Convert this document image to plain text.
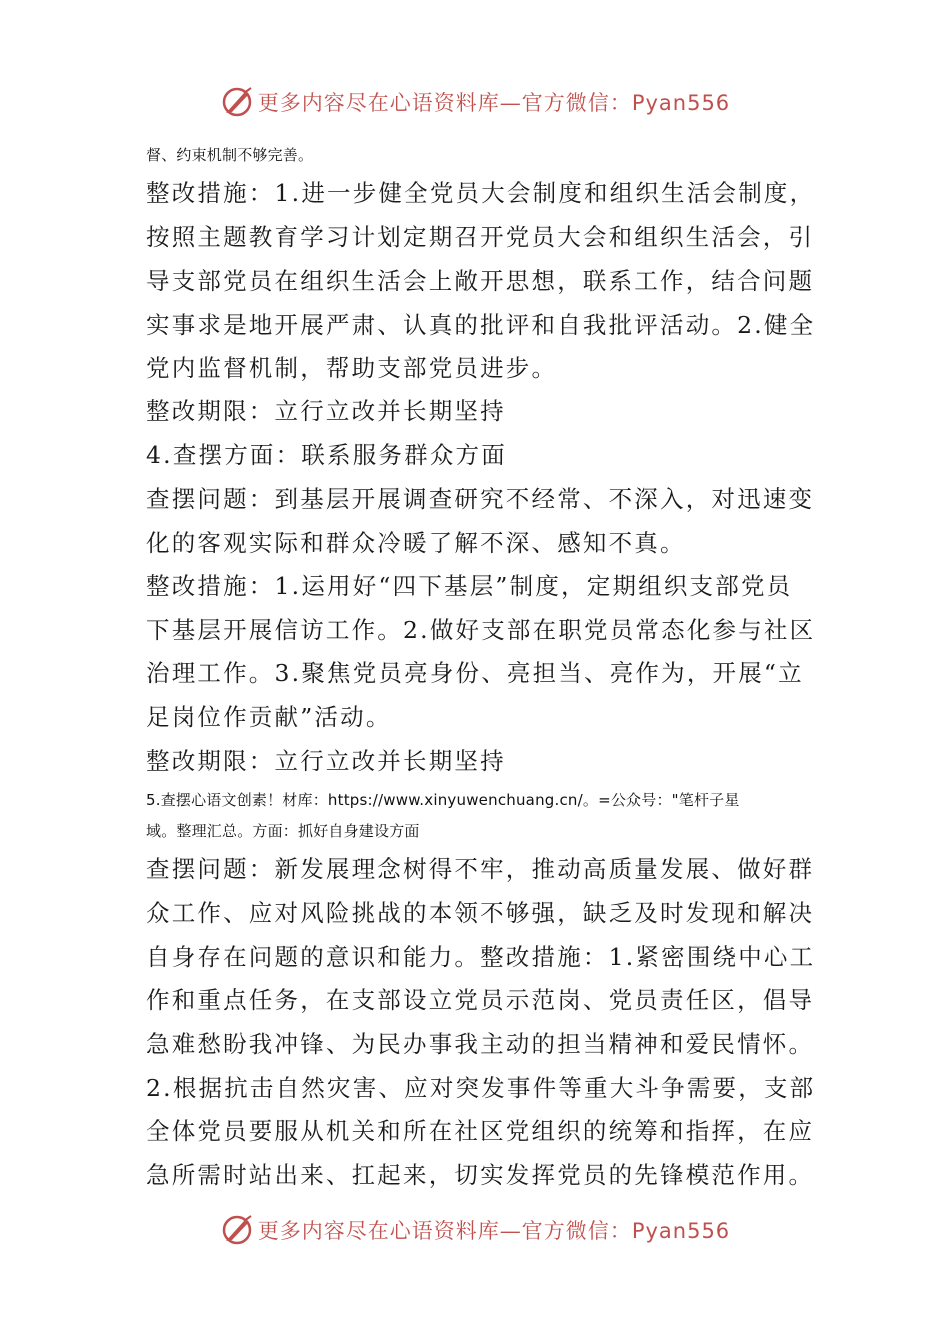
更多内容尽在心语资料库—官方微信：Pyan556
督、约束机制不够完善。
整改措施：1.进一步健全党员大会制度和组织生活会制度，
按照主题教育学习计划定期召开党员大会和组织生活会，引
导支部党员在组织生活会上敞开思想，联系工作，结合问题
实事求是地开展严肃、认真的批评和自我批评活动。2.健全
党内监督机制，帮助支部党员进步。
整改期限：立行立改并长期坚持
4.查摆方面：联系服务群众方面
查摆问题：到基层开展调查研究不经常、不深入，对迅速变
化的客观实际和群众冷暖了解不深、感知不真。
整改措施：1.运用好“四下基层”制度，定期组织支部党员
下基层开展信访工作。2.做好支部在职党员常态化参与社区
治理工作。3.聚焦党员亮身份、亮担当、亮作为，开展“立
足岗位作贡献”活动。
整改期限：立行立改并长期坚持
5.查摆心语文创素！材库：https://www.xinyuwenchuang.cn/。=公众号："笔杆子星
域。整理汇总。方面：抓好自身建设方面
查摆问题：新发展理念树得不牢，推动高质量发展、做好群
众工作、应对风险挑战的本领不够强，缺乏及时发现和解决
自身存在问题的意识和能力。整改措施：1.紧密围绕中心工
作和重点任务，在支部设立党员示范岗、党员责任区，倡导
急难愁盼我冲锋、为民办事我主动的担当精神和爱民情怀。
2.根据抗击自然灾害、应对突发事件等重大斗争需要，支部
全体党员要服从机关和所在社区党组织的统筹和指挥，在应
急所需时站出来、扛起来，切实发挥党员的先锋模范作用。
更多内容尽在心语资料库—官方微信：Pyan556
